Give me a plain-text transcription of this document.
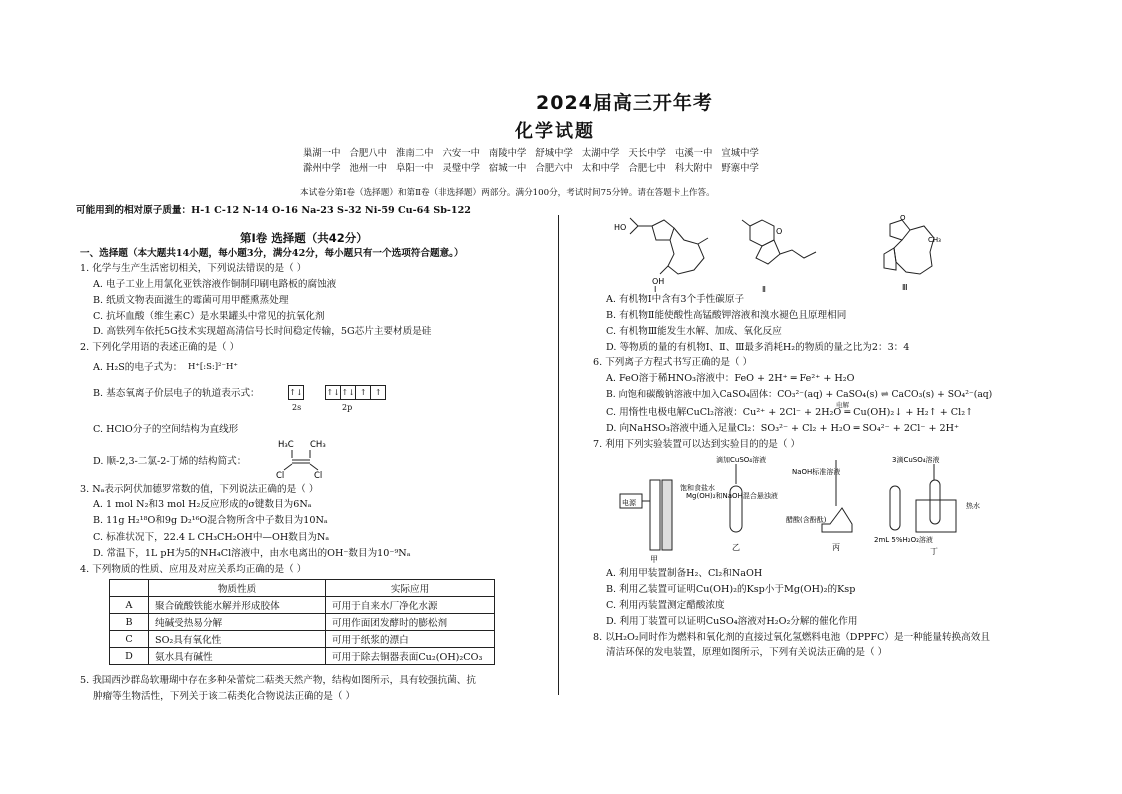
2024届高三开年考
化学试题
巢湖一中 合肥八中 淮南二中 六安一中 南陵中学 舒城中学 太湖中学 天长中学 屯溪一中 宣城中学
滁州中学 池州一中 阜阳一中 灵璧中学 宿城一中 合肥六中 太和中学 合肥七中 科大附中 野寨中学
本试卷分第Ⅰ卷（选择题）和第Ⅱ卷（非选择题）两部分。满分100分，考试时间75分钟。请在答题卡上作答。
可能用到的相对原子质量：H-1 C-12 N-14 O-16 Na-23 S-32 Ni-59 Cu-64 Sb-122
第Ⅰ卷 选择题（共42分）
一、选择题（本大题共14小题，每小题3分，满分42分，每小题只有一个选项符合题意。）
1. 化学与生产生活密切相关，下列说法错误的是（ ）
A. 电子工业上用氯化亚铁溶液作铜制印刷电路板的腐蚀液
B. 纸质文物表面滋生的霉菌可用甲醛熏蒸处理
C. 抗坏血酸（维生素C）是水果罐头中常见的抗氧化剂
D. 高铁列车依托5G技术实现超高清信号长时间稳定传输，5G芯片主要材质是硅
2. 下列化学用语的表述正确的是（ ）
A. H₂S的电子式为： H⁺[:S:]²⁻H⁺
B. 基态氧离子价层电子的轨道表示式：	↑↓	↑↓ ↑↓ ↑ ↑
2s	2p
C. HClO分子的空间结构为直线形
D. 顺-2,3-二氯-2-丁烯的结构简式：
H₃C CH₃
Cl	Cl
3. Nₐ表示阿伏加德罗常数的值，下列说法正确的是（ ）
A. 1 mol N₂和3 mol H₂反应形成的σ键数目为6Nₐ
B. 11g H₂¹⁸O和9g D₂¹⁶O混合物所含中子数目为10Nₐ
C. 标准状况下，22.4 L CH₃CH₂OH中—OH数目为Nₐ
D. 常温下，1L pH为5的NH₄Cl溶液中，由水电离出的OH⁻数目为10⁻⁹Nₐ
4. 下列物质的性质、应用及对应关系均正确的是（ ）
	物质性质	实际应用
A	聚合硫酸铁能水解并形成胶体	可用于自来水厂净化水源
B	纯碱受热易分解	可用作面团发酵时的膨松剂
C	SO₂具有氧化性	可用于纸浆的漂白
D	氨水具有碱性	可用于除去铜器表面Cu₂(OH)₂CO₃
5. 我国西沙群岛软珊瑚中存在多种朵蕾烷二萜类天然产物，结构如图所示，具有较强抗菌、抗
肿瘤等生物活性，下列关于该二萜类化合物说法正确的是（ ）
HO
OH
Ⅰ
O
Ⅱ
O
CH₃
Ⅲ
A. 有机物Ⅰ中含有3个手性碳原子
B. 有机物Ⅱ能使酸性高锰酸钾溶液和溴水褪色且原理相同
C. 有机物Ⅲ能发生水解、加成、氧化反应
D. 等物质的量的有机物Ⅰ、Ⅱ、Ⅲ最多消耗H₂的物质的量之比为2：3：4
6. 下列离子方程式书写正确的是（ ）
A. FeO溶于稀HNO₃溶液中：FeO + 2H⁺ ═ Fe²⁺ + H₂O
B. 向饱和碳酸钠溶液中加入CaSO₄固体：CO₃²⁻(aq) + CaSO₄(s) ⇌ CaCO₃(s) + SO₄²⁻(aq)
电解
C. 用惰性电极电解CuCl₂溶液：Cu²⁺ + 2Cl⁻ + 2H₂O ═ Cu(OH)₂↓ + H₂↑ + Cl₂↑
D. 向NaHSO₃溶液中通入足量Cl₂：SO₃²⁻ + Cl₂ + H₂O ═ SO₄²⁻ + 2Cl⁻ + 2H⁺
7. 利用下列实验装置可以达到实验目的的是（ ）
电源
饱和食盐水
甲
滴加CuSO₄溶液
Mg(OH)₂和NaOH混合悬浊液
乙
NaOH标准溶液
醋酸(含酚酞)
丙
3滴CuSO₄溶液
热水
2mL 5%H₂O₂溶液
丁
A. 利用甲装置制备H₂、Cl₂和NaOH
B. 利用乙装置可证明Cu(OH)₂的Ksp小于Mg(OH)₂的Ksp
C. 利用丙装置测定醋酸浓度
D. 利用丁装置可以证明CuSO₄溶液对H₂O₂分解的催化作用
8. 以H₂O₂同时作为燃料和氧化剂的直接过氧化氢燃料电池（DPPFC）是一种能量转换高效且
清洁环保的发电装置，原理如图所示，下列有关说法正确的是（ ）
